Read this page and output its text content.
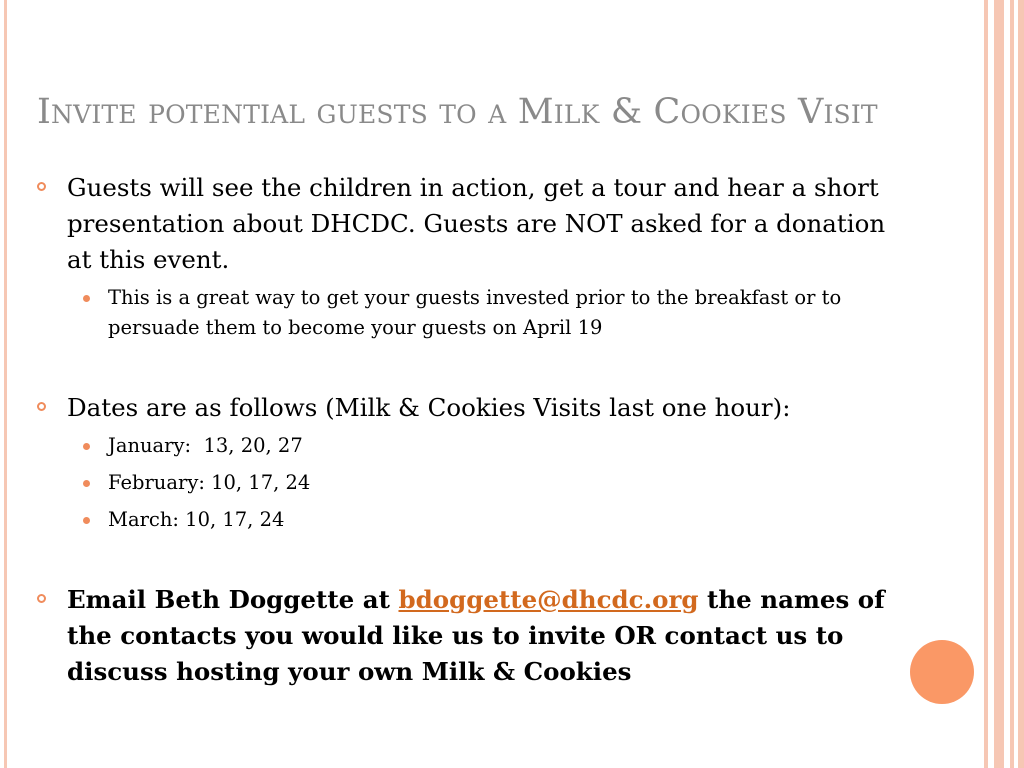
Invite potential guests to a Milk & Cookies Visit
Guests will see the children in action, get a tour and hear a short presentation about DHCDC. Guests are NOT asked for a donation at this event.
This is a great way to get your guests invested prior to the breakfast or to persuade them to become your guests on April 19
Dates are as follows (Milk & Cookies Visits last one hour):
January:  13, 20, 27
February: 10, 17, 24
March: 10, 17, 24
Email Beth Doggette at bdoggette@dhcdc.org the names of the contacts you would like us to invite OR contact us to discuss hosting your own Milk & Cookies
